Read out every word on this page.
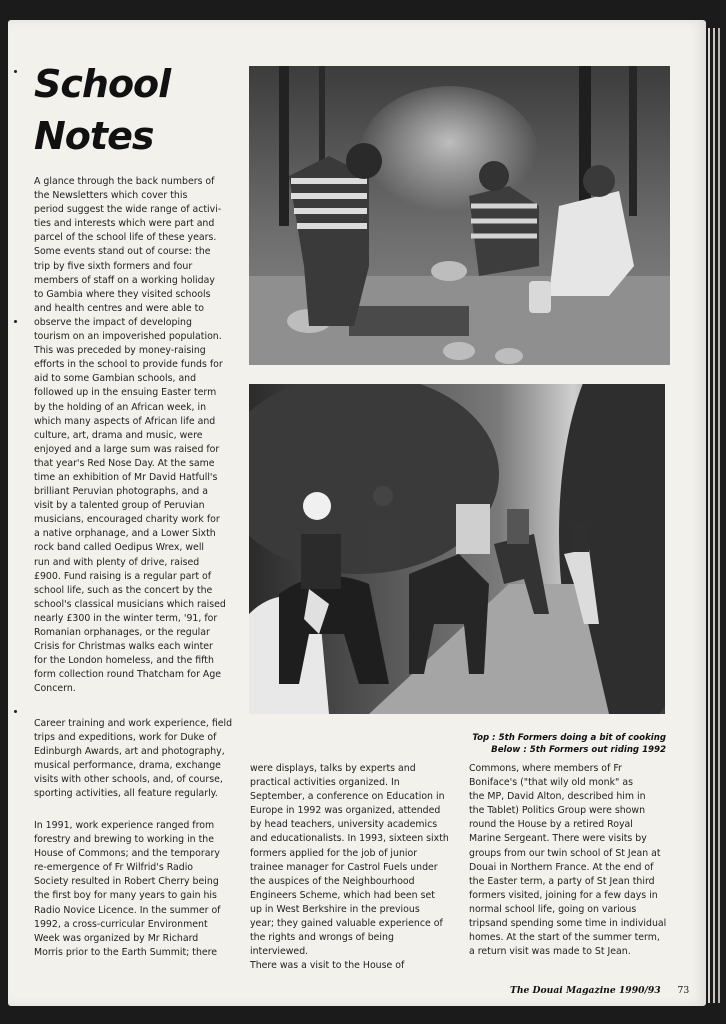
School
Notes

A glance through the back numbers of
the Newsletters which cover this
period suggest the wide range of activi-
ties and interests which were part and
parcel of the school life of these years.
Some events stand out of course: the
trip by five sixth formers and four
members of staff on a working holiday
to Gambia where they visited schools
and health centres and were able to
observe the impact of developing
tourism on an impoverished population.
This was preceded by money-raising
efforts in the school to provide funds for
aid to some Gambian schools, and
followed up in the ensuing Easter term
by the holding of an African week, in
which many aspects of African life and
culture, art, drama and music, were
enjoyed and a large sum was raised for
that year's Red Nose Day. At the same
time an exhibition of Mr David Hatfull's
brilliant Peruvian photographs, and a
visit by a talented group of Peruvian
musicians, encouraged charity work for
a native orphanage, and a Lower Sixth
rock band called Oedipus Wrex, well
run and with plenty of drive, raised
£900. Fund raising is a regular part of
school life, such as the concert by the
school's classical musicians which raised
nearly £300 in the winter term, '91, for
Romanian orphanages, or the regular
Crisis for Christmas walks each winter
for the London homeless, and the fifth
form collection round Thatcham for Age
Concern.

Top : 5th Formers doing a bit of cooking
Below : 5th Formers out riding 1992

Career training and work experience, field
trips and expeditions, work for Duke of
Edinburgh Awards, art and photography,
musical performance, drama, exchange
visits with other schools, and, of course,
sporting activities, all feature regularly.

In 1991, work experience ranged from
forestry and brewing to working in the
House of Commons; and the temporary
re-emergence of Fr Wilfrid's Radio
Society resulted in Robert Cherry being
the first boy for many years to gain his
Radio Novice Licence. In the summer of
1992, a cross-curricular Environment
Week was organized by Mr Richard
Morris prior to the Earth Summit; there

were displays, talks by experts and
practical activities organized. In
September, a conference on Education in
Europe in 1992 was organized, attended
by head teachers, university academics
and educationalists. In 1993, sixteen sixth
formers applied for the job of junior
trainee manager for Castrol Fuels under
the auspices of the Neighbourhood
Engineers Scheme, which had been set
up in West Berkshire in the previous
year; they gained valuable experience of
the rights and wrongs of being interviewed.
There was a visit to the House of

Commons, where members of Fr
Boniface's ("that wily old monk" as
the MP, David Alton, described him in
the Tablet) Politics Group were shown
round the House by a retired Royal
Marine Sergeant. There were visits by
groups from our twin school of St Jean at
Douai in Northern France. At the end of
the Easter term, a party of St Jean third
formers visited, joining for a few days in
normal school life, going on various
tripsand spending some time in individual
homes. At the start of the summer term,
a return visit was made to St Jean.

The Douai Magazine 1990/93 73
